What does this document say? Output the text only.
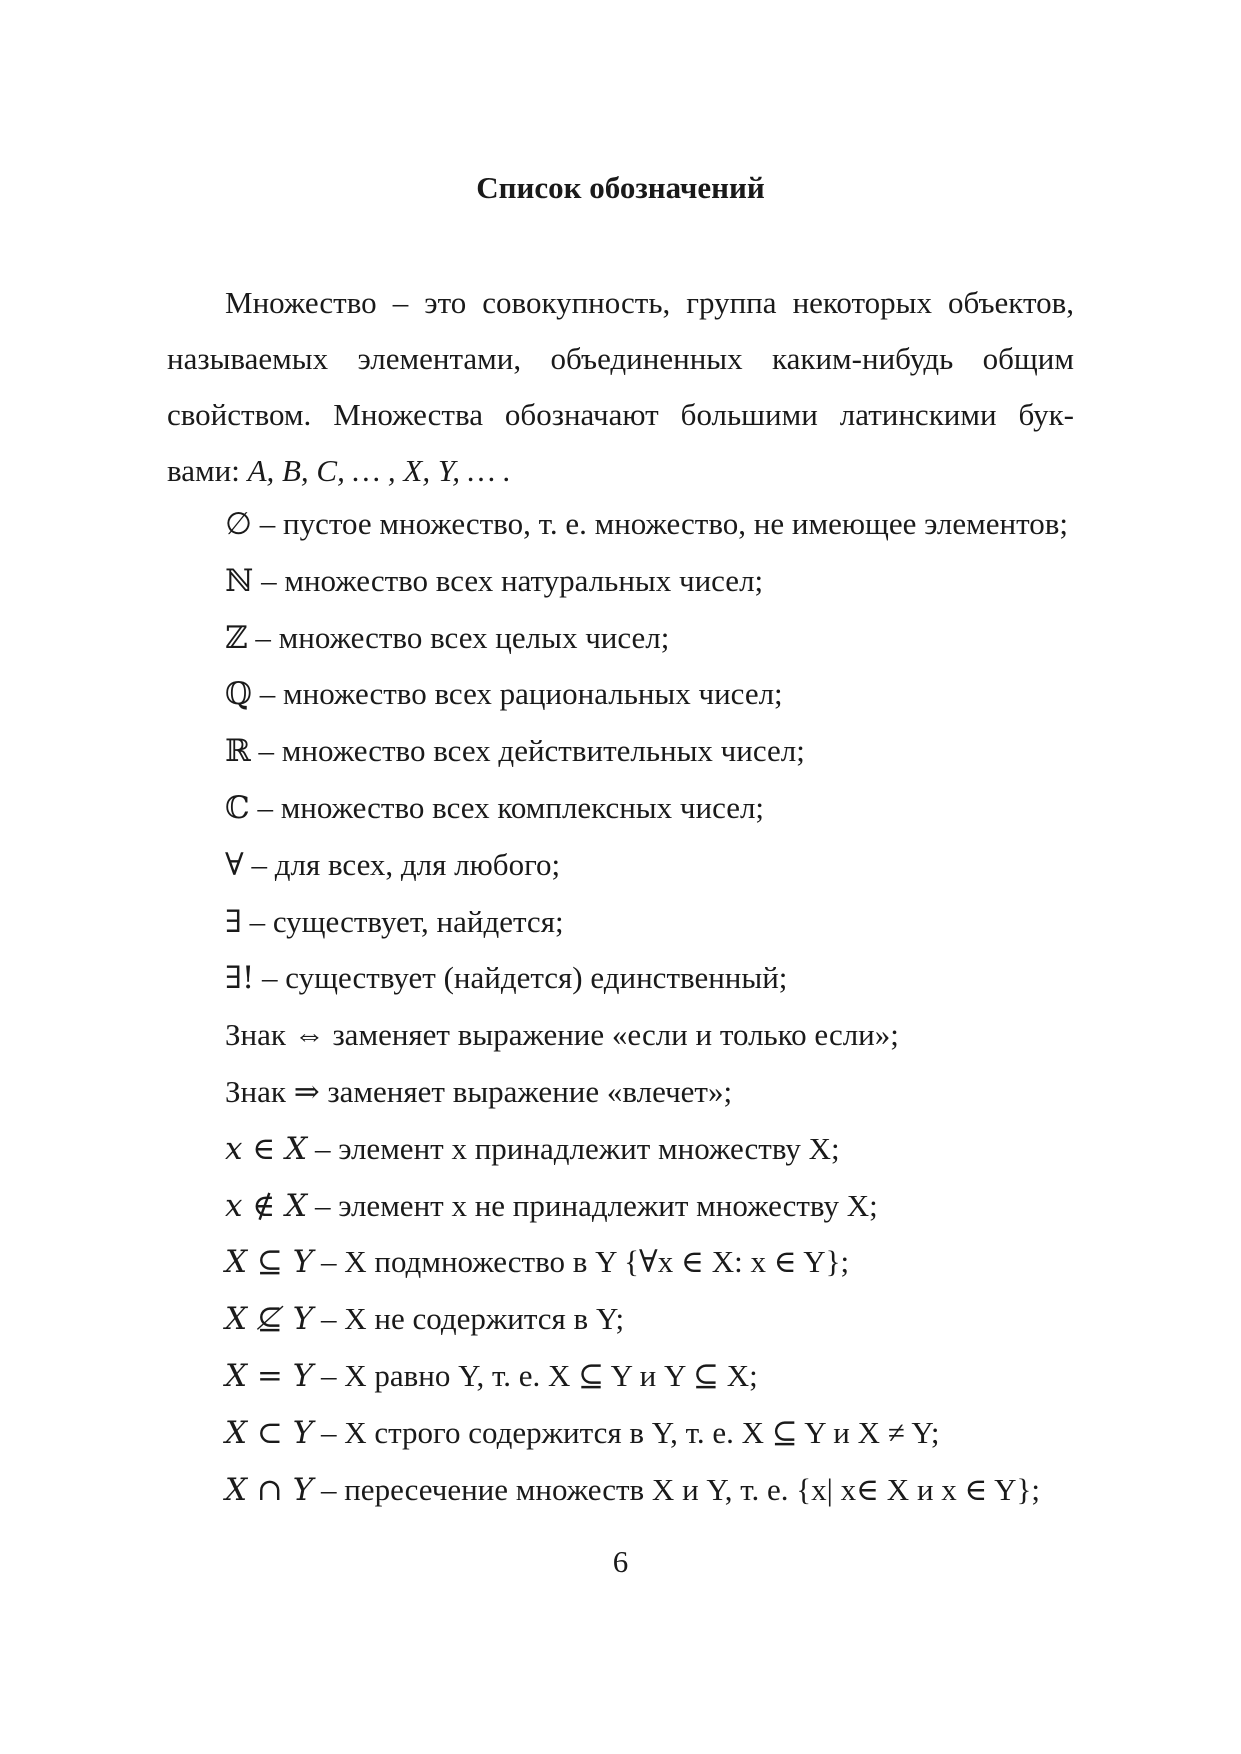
Список обозначений

Множество – это совокупность, группа некоторых объектов, называемых элементами, объединенных каким-нибудь общим свойством. Множества обозначают большими латинскими бук-вами: A, B, C, … , X, Y, … .

∅ – пустое множество, т. е. множество, не имеющее элементов;
ℕ – множество всех натуральных чисел;
ℤ – множество всех целых чисел;
ℚ – множество всех рациональных чисел;
ℝ – множество всех действительных чисел;
ℂ – множество всех комплексных чисел;
∀ – для всех, для любого;
∃ – существует, найдется;
∃! – существует (найдется) единственный;
Знак ⇔ заменяет выражение «если и только если»;
Знак ⇒ заменяет выражение «влечет»;
x ∈ X – элемент x принадлежит множеству X;
x ∉ X – элемент x не принадлежит множеству X;
X ⊆ Y – X подмножество в Y {∀x ∈ X: x ∈ Y};
X ⊈ Y – X не содержится в Y;
X = Y – X равно Y, т. е. X ⊆ Y и Y ⊆ X;
X ⊂ Y – X строго содержится в Y, т. е. X ⊆ Y и X ≠ Y;
X ∩ Y – пересечение множеств X и Y, т. е. {x| x∈ X и x ∈ Y};
6
